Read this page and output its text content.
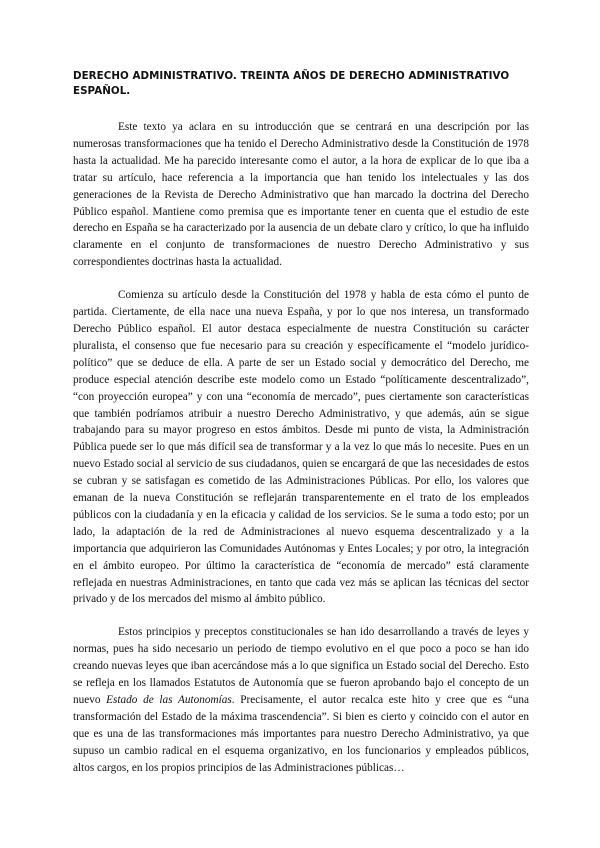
DERECHO ADMINISTRATIVO. TREINTA AÑOS DE DERECHO ADMINISTRATIVO ESPAÑOL.

Este texto ya aclara en su introducción que se centrará en una descripción por las numerosas transformaciones que ha tenido el Derecho Administrativo desde la Constitución de 1978 hasta la actualidad. Me ha parecido interesante como el autor, a la hora de explicar de lo que iba a tratar su artículo, hace referencia a la importancia que han tenido los intelectuales y las dos generaciones de la Revista de Derecho Administrativo que han marcado la doctrina del Derecho Público español. Mantiene como premisa que es importante tener en cuenta que el estudio de este derecho en España se ha caracterizado por la ausencia de un debate claro y crítico, lo que ha influido claramente en el conjunto de transformaciones de nuestro Derecho Administrativo y sus correspondientes doctrinas hasta la actualidad.

Comienza su artículo desde la Constitución del 1978 y habla de esta cómo el punto de partida. Ciertamente, de ella nace una nueva España, y por lo que nos interesa, un transformado Derecho Público español. El autor destaca especialmente de nuestra Constitución su carácter pluralista, el consenso que fue necesario para su creación y específicamente el “modelo jurídico-político” que se deduce de ella. A parte de ser un Estado social y democrático del Derecho, me produce especial atención describe este modelo como un Estado “políticamente descentralizado”, “con proyección europea” y con una “economía de mercado”, pues ciertamente son características que también podríamos atribuir a nuestro Derecho Administrativo, y que además, aún se sigue trabajando para su mayor progreso en estos ámbitos. Desde mi punto de vista, la Administración Pública puede ser lo que más difícil sea de transformar y a la vez lo que más lo necesite. Pues en un nuevo Estado social al servicio de sus ciudadanos, quien se encargará de que las necesidades de estos se cubran y se satisfagan es cometido de las Administraciones Públicas. Por ello, los valores que emanan de la nueva Constitución se reflejarán transparentemente en el trato de los empleados públicos con la ciudadanía y en la eficacia y calidad de los servicios. Se le suma a todo esto; por un lado, la adaptación de la red de Administraciones al nuevo esquema descentralizado y a la importancia que adquirieron las Comunidades Autónomas y Entes Locales; y por otro, la integración en el ámbito europeo. Por último la característica de “economía de mercado” está claramente reflejada en nuestras Administraciones, en tanto que cada vez más se aplican las técnicas del sector privado y de los mercados del mismo al ámbito público.

Estos principios y preceptos constitucionales se han ido desarrollando a través de leyes y normas, pues ha sido necesario un periodo de tiempo evolutivo en el que poco a poco se han ido creando nuevas leyes que iban acercándose más a lo que significa un Estado social del Derecho. Esto se refleja en los llamados Estatutos de Autonomía que se fueron aprobando bajo el concepto de un nuevo Estado de las Autonomías. Precisamente, el autor recalca este hito y cree que es “una transformación del Estado de la máxima trascendencia”. Si bien es cierto y coincido con el autor en que es una de las transformaciones más importantes para nuestro Derecho Administrativo, ya que supuso un cambio radical en el esquema organizativo, en los funcionarios y empleados públicos, altos cargos, en los propios principios de las Administraciones públicas…
